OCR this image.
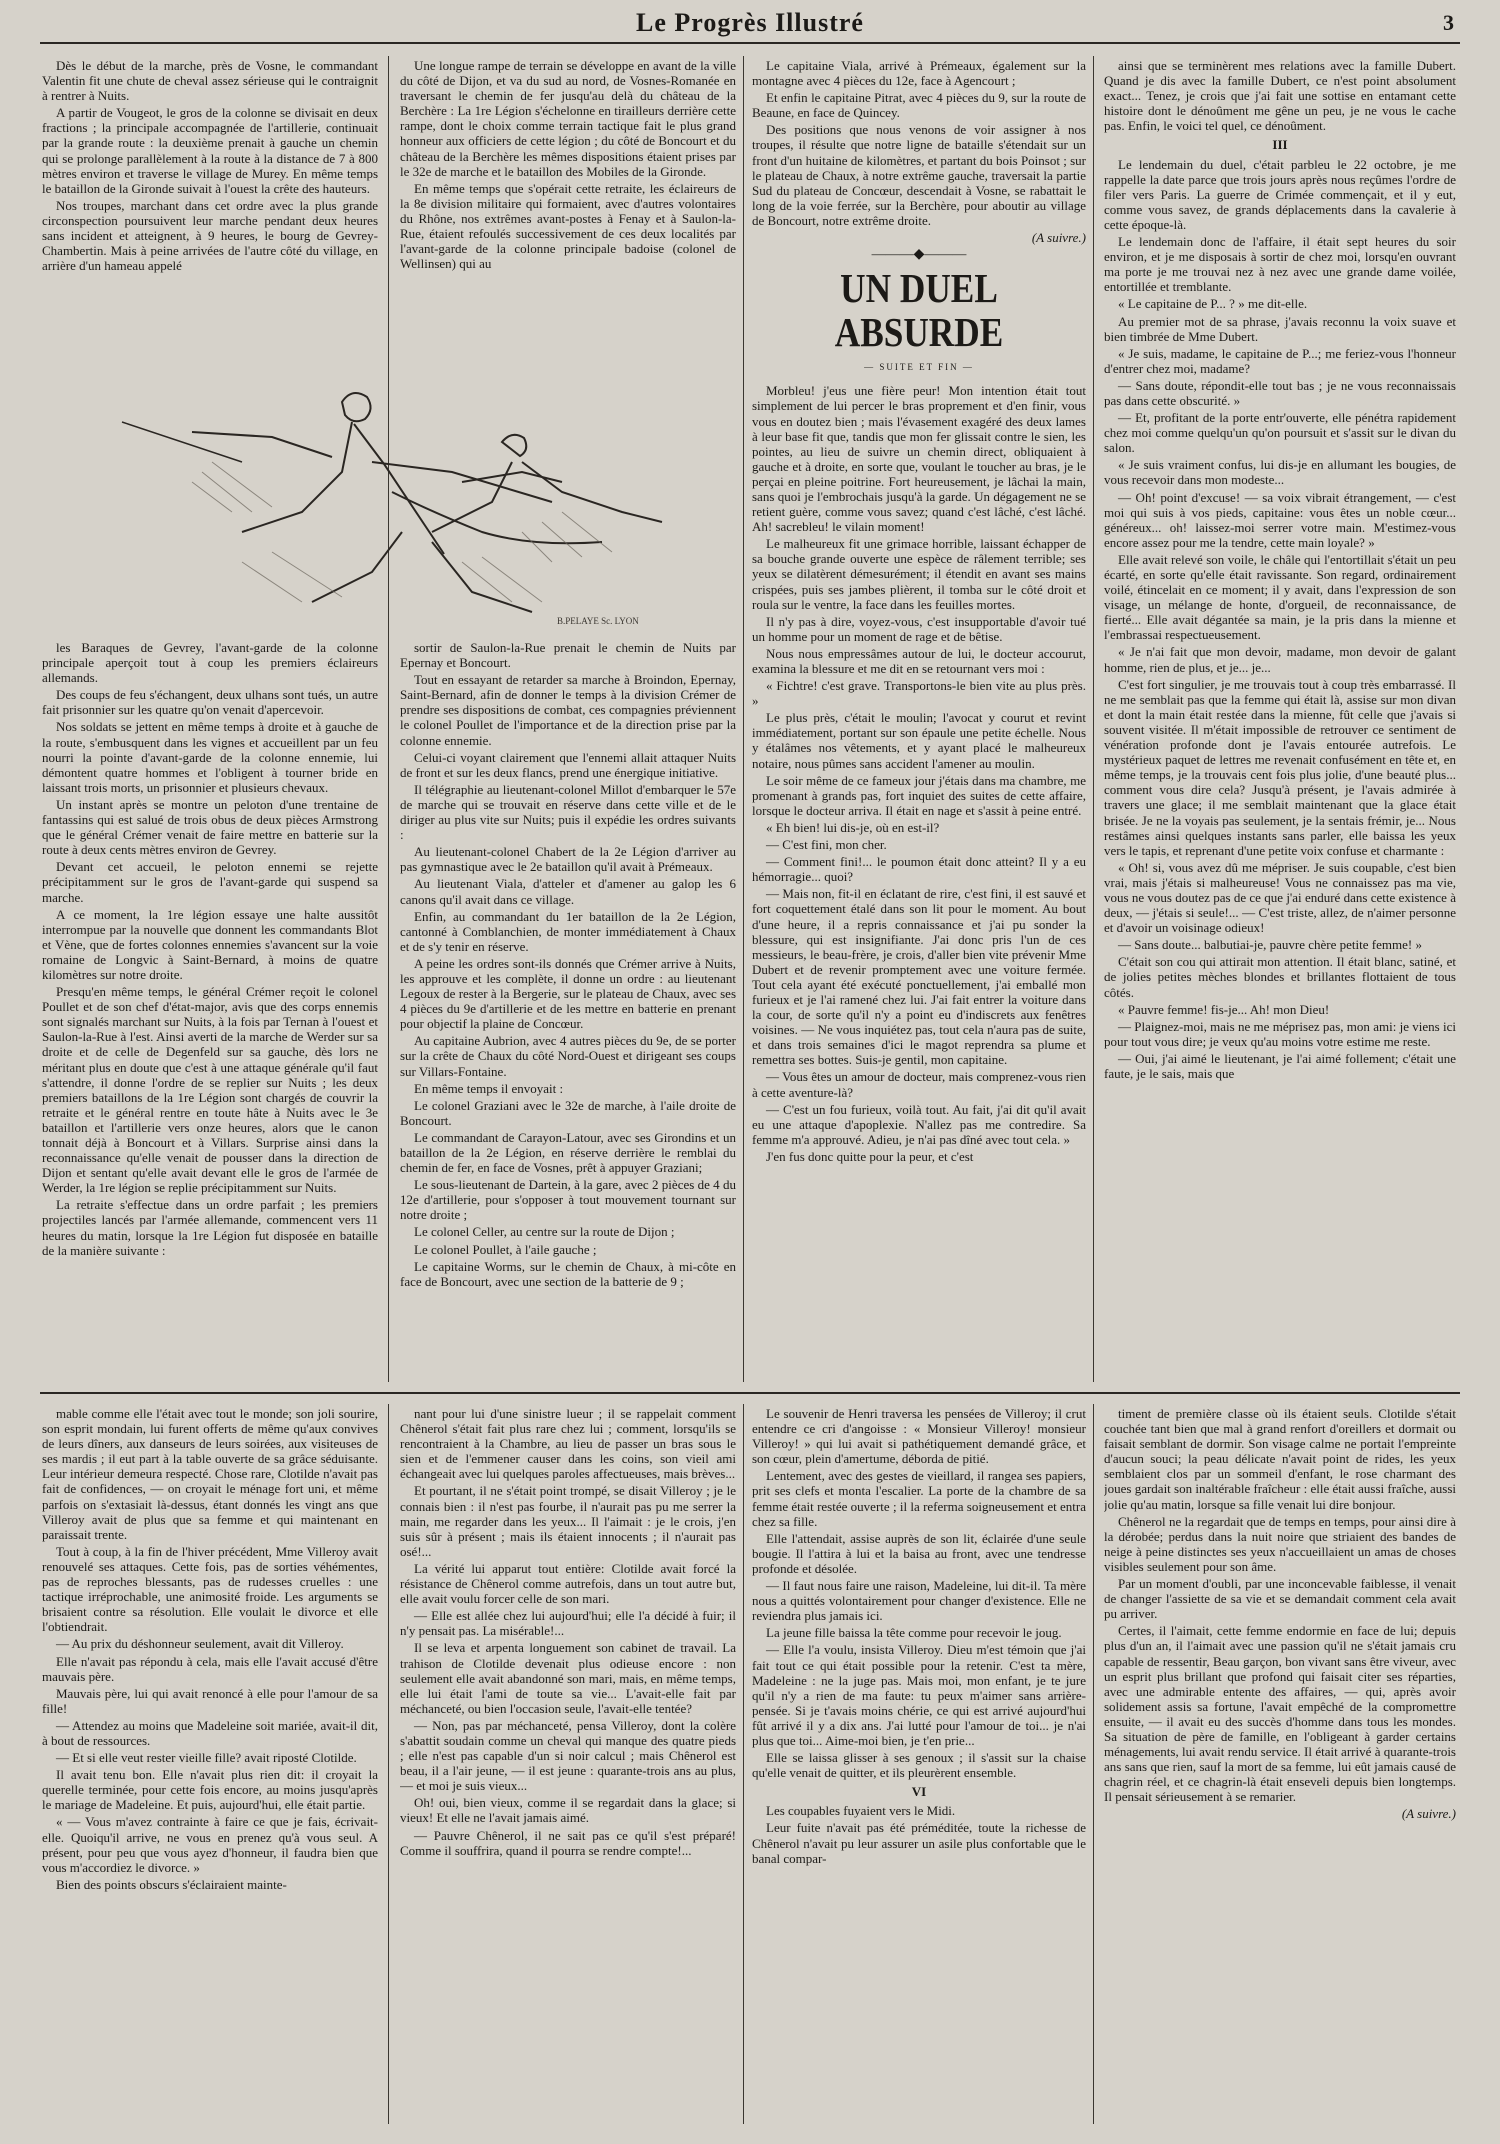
Le Progrès Illustré	3

Dès le début de la marche, près de Vosne, le commandant Valentin fit une chute de cheval assez sérieuse qui le contraignit à rentrer à Nuits.

A partir de Vougeot, le gros de la colonne se divisait en deux fractions ; la principale accompagnée de l'artillerie, continuait par la grande route : la deuxième prenait à gauche un chemin qui se prolonge parallèlement à la route à la distance de 7 à 800 mètres environ et traverse le village de Murey. En même temps le bataillon de la Gironde suivait à l'ouest la crête des hauteurs.

Nos troupes, marchant dans cet ordre avec la plus grande circonspection poursuivent leur marche pendant deux heures sans incident et atteignent, à 9 heures, le bourg de Gevrey-Chambertin. Mais à peine arrivées de l'autre côté du village, en arrière d'un hameau appelé

Une longue rampe de terrain se développe en avant de la ville du côté de Dijon, et va du sud au nord, de Vosnes-Romanée en traversant le chemin de fer jusqu'au delà du château de la Berchère : La 1re Légion s'échelonne en tirailleurs derrière cette rampe, dont le choix comme terrain tactique fait le plus grand honneur aux officiers de cette légion ; du côté de Boncourt et du château de la Berchère les mêmes dispositions étaient prises par le 32e de marche et le bataillon des Mobiles de la Gironde.

En même temps que s'opérait cette retraite, les éclaireurs de la 8e division militaire qui formaient, avec d'autres volontaires du Rhône, nos extrêmes avant-postes à Fenay et à Saulon-la-Rue, étaient refoulés successivement de ces deux localités par l'avant-garde de la colonne principale badoise (colonel de Wellinsen) qui au

B.PELAYE Sc. LYON

les Baraques de Gevrey, l'avant-garde de la colonne principale aperçoit tout à coup les premiers éclaireurs allemands.

Des coups de feu s'échangent, deux ulhans sont tués, un autre fait prisonnier sur les quatre qu'on venait d'apercevoir.

Nos soldats se jettent en même temps à droite et à gauche de la route, s'embusquent dans les vignes et accueillent par un feu nourri la pointe d'avant-garde de la colonne ennemie, lui démontent quatre hommes et l'obligent à tourner bride en laissant trois morts, un prisonnier et plusieurs chevaux.

Un instant après se montre un peloton d'une trentaine de fantassins qui est salué de trois obus de deux pièces Armstrong que le général Crémer venait de faire mettre en batterie sur la route à deux cents mètres environ de Gevrey.

Devant cet accueil, le peloton ennemi se rejette précipitamment sur le gros de l'avant-garde qui suspend sa marche.

A ce moment, la 1re légion essaye une halte aussitôt interrompue par la nouvelle que donnent les commandants Blot et Vène, que de fortes colonnes ennemies s'avancent sur la voie romaine de Longvic à Saint-Bernard, à moins de quatre kilomètres sur notre droite.

Presqu'en même temps, le général Crémer reçoit le colonel Poullet et de son chef d'état-major, avis que des corps ennemis sont signalés marchant sur Nuits, à la fois par Ternan à l'ouest et Saulon-la-Rue à l'est. Ainsi averti de la marche de Werder sur sa droite et de celle de Degenfeld sur sa gauche, dès lors ne méritant plus en doute que c'est à une attaque générale qu'il faut s'attendre, il donne l'ordre de se replier sur Nuits ; les deux premiers bataillons de la 1re Légion sont chargés de couvrir la retraite et le général rentre en toute hâte à Nuits avec le 3e bataillon et l'artillerie vers onze heures, alors que le canon tonnait déjà à Boncourt et à Villars. Surprise ainsi dans la reconnaissance qu'elle venait de pousser dans la direction de Dijon et sentant qu'elle avait devant elle le gros de l'armée de Werder, la 1re légion se replie précipitamment sur Nuits.

La retraite s'effectue dans un ordre parfait ; les premiers projectiles lancés par l'armée allemande, commencent vers 11 heures du matin, lorsque la 1re Légion fut disposée en bataille de la manière suivante :

sortir de Saulon-la-Rue prenait le chemin de Nuits par Epernay et Boncourt.

Tout en essayant de retarder sa marche à Broindon, Epernay, Saint-Bernard, afin de donner le temps à la division Crémer de prendre ses dispositions de combat, ces compagnies préviennent le colonel Poullet de l'importance et de la direction prise par la colonne ennemie.

Celui-ci voyant clairement que l'ennemi allait attaquer Nuits de front et sur les deux flancs, prend une énergique initiative.

Il télégraphie au lieutenant-colonel Millot d'embarquer le 57e de marche qui se trouvait en réserve dans cette ville et de le diriger au plus vite sur Nuits; puis il expédie les ordres suivants :

Au lieutenant-colonel Chabert de la 2e Légion d'arriver au pas gymnastique avec le 2e bataillon qu'il avait à Prémeaux.

Au lieutenant Viala, d'atteler et d'amener au galop les 6 canons qu'il avait dans ce village.

Enfin, au commandant du 1er bataillon de la 2e Légion, cantonné à Comblanchien, de monter immédiatement à Chaux et de s'y tenir en réserve.

A peine les ordres sont-ils donnés que Crémer arrive à Nuits, les approuve et les complète, il donne un ordre : au lieutenant Legoux de rester à la Bergerie, sur le plateau de Chaux, avec ses 4 pièces du 9e d'artillerie et de les mettre en batterie en prenant pour objectif la plaine de Concœur.

Au capitaine Aubrion, avec 4 autres pièces du 9e, de se porter sur la crête de Chaux du côté Nord-Ouest et dirigeant ses coups sur Villars-Fontaine.

En même temps il envoyait :

Le colonel Graziani avec le 32e de marche, à l'aile droite de Boncourt.

Le commandant de Carayon-Latour, avec ses Girondins et un bataillon de la 2e Légion, en réserve derrière le remblai du chemin de fer, en face de Vosnes, prêt à appuyer Graziani;

Le sous-lieutenant de Dartein, à la gare, avec 2 pièces de 4 du 12e d'artillerie, pour s'opposer à tout mouvement tournant sur notre droite ;

Le colonel Celler, au centre sur la route de Dijon ;

Le colonel Poullet, à l'aile gauche ;

Le capitaine Worms, sur le chemin de Chaux, à mi-côte en face de Boncourt, avec une section de la batterie de 9 ;

Le capitaine Viala, arrivé à Prémeaux, également sur la montagne avec 4 pièces du 12e, face à Agencourt ;

Et enfin le capitaine Pitrat, avec 4 pièces du 9, sur la route de Beaune, en face de Quincey.

Des positions que nous venons de voir assigner à nos troupes, il résulte que notre ligne de bataille s'étendait sur un front d'un huitaine de kilomètres, et partant du bois Poinsot ; sur le plateau de Chaux, à notre extrême gauche, traversait la partie Sud du plateau de Concœur, descendait à Vosne, se rabattait le long de la voie ferrée, sur la Berchère, pour aboutir au village de Boncourt, notre extrême droite.

(A suivre.)

———◆———
UN DUEL ABSURDE
— SUITE ET FIN —

Morbleu! j'eus une fière peur! Mon intention était tout simplement de lui percer le bras proprement et d'en finir, vous vous en doutez bien ; mais l'évasement exagéré des deux lames à leur base fit que, tandis que mon fer glissait contre le sien, les pointes, au lieu de suivre un chemin direct, obliquaient à gauche et à droite, en sorte que, voulant le toucher au bras, je le perçai en pleine poitrine. Fort heureusement, je lâchai la main, sans quoi je l'embrochais jusqu'à la garde. Un dégagement ne se retient guère, comme vous savez; quand c'est lâché, c'est lâché. Ah! sacrebleu! le vilain moment!

Le malheureux fit une grimace horrible, laissant échapper de sa bouche grande ouverte une espèce de râlement terrible; ses yeux se dilatèrent démesurément; il étendit en avant ses mains crispées, puis ses jambes plièrent, il tomba sur le côté droit et roula sur le ventre, la face dans les feuilles mortes.

Il n'y pas à dire, voyez-vous, c'est insupportable d'avoir tué un homme pour un moment de rage et de bêtise.

Nous nous empressâmes autour de lui, le docteur accourut, examina la blessure et me dit en se retournant vers moi :

« Fichtre! c'est grave. Transportons-le bien vite au plus près. »

Le plus près, c'était le moulin; l'avocat y courut et revint immédiatement, portant sur son épaule une petite échelle. Nous y étalâmes nos vêtements, et y ayant placé le malheureux notaire, nous pûmes sans accident l'amener au moulin.

Le soir même de ce fameux jour j'étais dans ma chambre, me promenant à grands pas, fort inquiet des suites de cette affaire, lorsque le docteur arriva. Il était en nage et s'assit à peine entré.

« Eh bien! lui dis-je, où en est-il?

— C'est fini, mon cher.

— Comment fini!... le poumon était donc atteint? Il y a eu hémorragie... quoi?

— Mais non, fit-il en éclatant de rire, c'est fini, il est sauvé et fort coquettement étalé dans son lit pour le moment. Au bout d'une heure, il a repris connaissance et j'ai pu sonder la blessure, qui est insignifiante. J'ai donc pris l'un de ces messieurs, le beau-frère, je crois, d'aller bien vite prévenir Mme Dubert et de revenir promptement avec une voiture fermée. Tout cela ayant été exécuté ponctuellement, j'ai emballé mon furieux et je l'ai ramené chez lui. J'ai fait entrer la voiture dans la cour, de sorte qu'il n'y a point eu d'indiscrets aux fenêtres voisines. — Ne vous inquiétez pas, tout cela n'aura pas de suite, et dans trois semaines d'ici le magot reprendra sa plume et remettra ses bottes. Suis-je gentil, mon capitaine.

— Vous êtes un amour de docteur, mais comprenez-vous rien à cette aventure-là?

— C'est un fou furieux, voilà tout. Au fait, j'ai dit qu'il avait eu une attaque d'apoplexie. N'allez pas me contredire. Sa femme m'a approuvé. Adieu, je n'ai pas dîné avec tout cela. »

J'en fus donc quitte pour la peur, et c'est

ainsi que se terminèrent mes relations avec la famille Dubert. Quand je dis avec la famille Dubert, ce n'est point absolument exact... Tenez, je crois que j'ai fait une sottise en entamant cette histoire dont le dénoûment me gêne un peu, je ne vous le cache pas. Enfin, le voici tel quel, ce dénoûment.

III

Le lendemain du duel, c'était parbleu le 22 octobre, je me rappelle la date parce que trois jours après nous reçûmes l'ordre de filer vers Paris. La guerre de Crimée commençait, et il y eut, comme vous savez, de grands déplacements dans la cavalerie à cette époque-là.

Le lendemain donc de l'affaire, il était sept heures du soir environ, et je me disposais à sortir de chez moi, lorsqu'en ouvrant ma porte je me trouvai nez à nez avec une grande dame voilée, entortillée et tremblante.

« Le capitaine de P... ? » me dit-elle.

Au premier mot de sa phrase, j'avais reconnu la voix suave et bien timbrée de Mme Dubert.

« Je suis, madame, le capitaine de P...; me feriez-vous l'honneur d'entrer chez moi, madame?

— Sans doute, répondit-elle tout bas ; je ne vous reconnaissais pas dans cette obscurité. »

— Et, profitant de la porte entr'ouverte, elle pénétra rapidement chez moi comme quelqu'un qu'on poursuit et s'assit sur le divan du salon.

« Je suis vraiment confus, lui dis-je en allumant les bougies, de vous recevoir dans mon modeste...

— Oh! point d'excuse! — sa voix vibrait étrangement, — c'est moi qui suis à vos pieds, capitaine: vous êtes un noble cœur... généreux... oh! laissez-moi serrer votre main. M'estimez-vous encore assez pour me la tendre, cette main loyale? »

Elle avait relevé son voile, le châle qui l'entortillait s'était un peu écarté, en sorte qu'elle était ravissante. Son regard, ordinairement voilé, étincelait en ce moment; il y avait, dans l'expression de son visage, un mélange de honte, d'orgueil, de reconnaissance, de fierté... Elle avait dégantée sa main, je la pris dans la mienne et l'embrassai respectueusement.

« Je n'ai fait que mon devoir, madame, mon devoir de galant homme, rien de plus, et je... je...

C'est fort singulier, je me trouvais tout à coup très embarrassé. Il ne me semblait pas que la femme qui était là, assise sur mon divan et dont la main était restée dans la mienne, fût celle que j'avais si souvent visitée. Il m'était impossible de retrouver ce sentiment de vénération profonde dont je l'avais entourée autrefois. Le mystérieux paquet de lettres me revenait confusément en tête et, en même temps, je la trouvais cent fois plus jolie, d'une beauté plus... comment vous dire cela? Jusqu'à présent, je l'avais admirée à travers une glace; il me semblait maintenant que la glace était brisée. Je ne la voyais pas seulement, je la sentais frémir, je... Nous restâmes ainsi quelques instants sans parler, elle baissa les yeux vers le tapis, et reprenant d'une petite voix confuse et charmante :

« Oh! si, vous avez dû me mépriser. Je suis coupable, c'est bien vrai, mais j'étais si malheureuse! Vous ne connaissez pas ma vie, vous ne vous doutez pas de ce que j'ai enduré dans cette existence à deux, — j'étais si seule!... — C'est triste, allez, de n'aimer personne et d'avoir un voisinage odieux!

— Sans doute... balbutiai-je, pauvre chère petite femme! »

C'était son cou qui attirait mon attention. Il était blanc, satiné, et de jolies petites mèches blondes et brillantes flottaient de tous côtés.

« Pauvre femme! fis-je... Ah! mon Dieu!

— Plaignez-moi, mais ne me méprisez pas, mon ami: je viens ici pour tout vous dire; je veux qu'au moins votre estime me reste.

— Oui, j'ai aimé le lieutenant, je l'ai aimé follement; c'était une faute, je le sais, mais que

mable comme elle l'était avec tout le monde; son joli sourire, son esprit mondain, lui furent offerts de même qu'aux convives de leurs dîners, aux danseurs de leurs soirées, aux visiteuses de ses mardis ; il eut part à la table ouverte de sa grâce séduisante. Leur intérieur demeura respecté. Chose rare, Clotilde n'avait pas fait de confidences, — on croyait le ménage fort uni, et même parfois on s'extasiait là-dessus, étant donnés les vingt ans que Villeroy avait de plus que sa femme et qui maintenant en paraissait trente.

Tout à coup, à la fin de l'hiver précédent, Mme Villeroy avait renouvelé ses attaques. Cette fois, pas de sorties véhémentes, pas de reproches blessants, pas de rudesses cruelles : une tactique irréprochable, une animosité froide. Les arguments se brisaient contre sa résolution. Elle voulait le divorce et elle l'obtiendrait.

— Au prix du déshonneur seulement, avait dit Villeroy.

Elle n'avait pas répondu à cela, mais elle l'avait accusé d'être mauvais père.

Mauvais père, lui qui avait renoncé à elle pour l'amour de sa fille!

— Attendez au moins que Madeleine soit mariée, avait-il dit, à bout de ressources.

— Et si elle veut rester vieille fille? avait riposté Clotilde.

Il avait tenu bon. Elle n'avait plus rien dit: il croyait la querelle terminée, pour cette fois encore, au moins jusqu'après le mariage de Madeleine. Et puis, aujourd'hui, elle était partie.

« — Vous m'avez contrainte à faire ce que je fais, écrivait-elle. Quoiqu'il arrive, ne vous en prenez qu'à vous seul. A présent, pour peu que vous ayez d'honneur, il faudra bien que vous m'accordiez le divorce. »

Bien des points obscurs s'éclairaient mainte-

nant pour lui d'une sinistre lueur ; il se rappelait comment Chênerol s'était fait plus rare chez lui ; comment, lorsqu'ils se rencontraient à la Chambre, au lieu de passer un bras sous le sien et de l'emmener causer dans les coins, son vieil ami échangeait avec lui quelques paroles affectueuses, mais brèves...

Et pourtant, il ne s'était point trompé, se disait Villeroy ; je le connais bien : il n'est pas fourbe, il n'aurait pas pu me serrer la main, me regarder dans les yeux... Il l'aimait : je le crois, j'en suis sûr à présent ; mais ils étaient innocents ; il n'aurait pas osé!...

La vérité lui apparut tout entière: Clotilde avait forcé la résistance de Chênerol comme autrefois, dans un tout autre but, elle avait voulu forcer celle de son mari.

— Elle est allée chez lui aujourd'hui; elle l'a décidé à fuir; il n'y pensait pas. La misérable!...

Il se leva et arpenta longuement son cabinet de travail. La trahison de Clotilde devenait plus odieuse encore : non seulement elle avait abandonné son mari, mais, en même temps, elle lui était l'ami de toute sa vie... L'avait-elle fait par méchanceté, ou bien l'occasion seule, l'avait-elle tentée?

— Non, pas par méchanceté, pensa Villeroy, dont la colère s'abattit soudain comme un cheval qui manque des quatre pieds ; elle n'est pas capable d'un si noir calcul ; mais Chênerol est beau, il a l'air jeune, — il est jeune : quarante-trois ans au plus, — et moi je suis vieux...

Oh! oui, bien vieux, comme il se regardait dans la glace; si vieux! Et elle ne l'avait jamais aimé.

— Pauvre Chênerol, il ne sait pas ce qu'il s'est préparé! Comme il souffrira, quand il pourra se rendre compte!...

Le souvenir de Henri traversa les pensées de Villeroy; il crut entendre ce cri d'angoisse : « Monsieur Villeroy! monsieur Villeroy! » qui lui avait si pathétiquement demandé grâce, et son cœur, plein d'amertume, déborda de pitié.

Lentement, avec des gestes de vieillard, il rangea ses papiers, prit ses clefs et monta l'escalier. La porte de la chambre de sa femme était restée ouverte ; il la referma soigneusement et entra chez sa fille.

Elle l'attendait, assise auprès de son lit, éclairée d'une seule bougie. Il l'attira à lui et la baisa au front, avec une tendresse profonde et désolée.

— Il faut nous faire une raison, Madeleine, lui dit-il. Ta mère nous a quittés volontairement pour changer d'existence. Elle ne reviendra plus jamais ici.

La jeune fille baissa la tête comme pour recevoir le joug.

— Elle l'a voulu, insista Villeroy. Dieu m'est témoin que j'ai fait tout ce qui était possible pour la retenir. C'est ta mère, Madeleine : ne la juge pas. Mais moi, mon enfant, je te jure qu'il n'y a rien de ma faute: tu peux m'aimer sans arrière-pensée. Si je t'avais moins chérie, ce qui est arrivé aujourd'hui fût arrivé il y a dix ans. J'ai lutté pour l'amour de toi... je n'ai plus que toi... Aime-moi bien, je t'en prie...

Elle se laissa glisser à ses genoux ; il s'assit sur la chaise qu'elle venait de quitter, et ils pleurèrent ensemble.

VI

Les coupables fuyaient vers le Midi.

Leur fuite n'avait pas été préméditée, toute la richesse de Chênerol n'avait pu leur assurer un asile plus confortable que le banal compar-

timent de première classe où ils étaient seuls. Clotilde s'était couchée tant bien que mal à grand renfort d'oreillers et dormait ou faisait semblant de dormir. Son visage calme ne portait l'empreinte d'aucun souci; la peau délicate n'avait point de rides, les yeux semblaient clos par un sommeil d'enfant, le rose charmant des joues gardait son inaltérable fraîcheur : elle était aussi fraîche, aussi jolie qu'au matin, lorsque sa fille venait lui dire bonjour.

Chênerol ne la regardait que de temps en temps, pour ainsi dire à la dérobée; perdus dans la nuit noire que striaient des bandes de neige à peine distinctes ses yeux n'accueillaient un amas de choses visibles seulement pour son âme.

Par un moment d'oubli, par une inconcevable faiblesse, il venait de changer l'assiette de sa vie et se demandait comment cela avait pu arriver.

Certes, il l'aimait, cette femme endormie en face de lui; depuis plus d'un an, il l'aimait avec une passion qu'il ne s'était jamais cru capable de ressentir, Beau garçon, bon vivant sans être viveur, avec un esprit plus brillant que profond qui faisait citer ses réparties, avec une admirable entente des affaires, — qui, après avoir solidement assis sa fortune, l'avait empêché de la compromettre ensuite, — il avait eu des succès d'homme dans tous les mondes. Sa situation de père de famille, en l'obligeant à garder certains ménagements, lui avait rendu service. Il était arrivé à quarante-trois ans sans que rien, sauf la mort de sa femme, lui eût jamais causé de chagrin réel, et ce chagrin-là était enseveli depuis bien longtemps. Il pensait sérieusement à se remarier.

(A suivre.)
